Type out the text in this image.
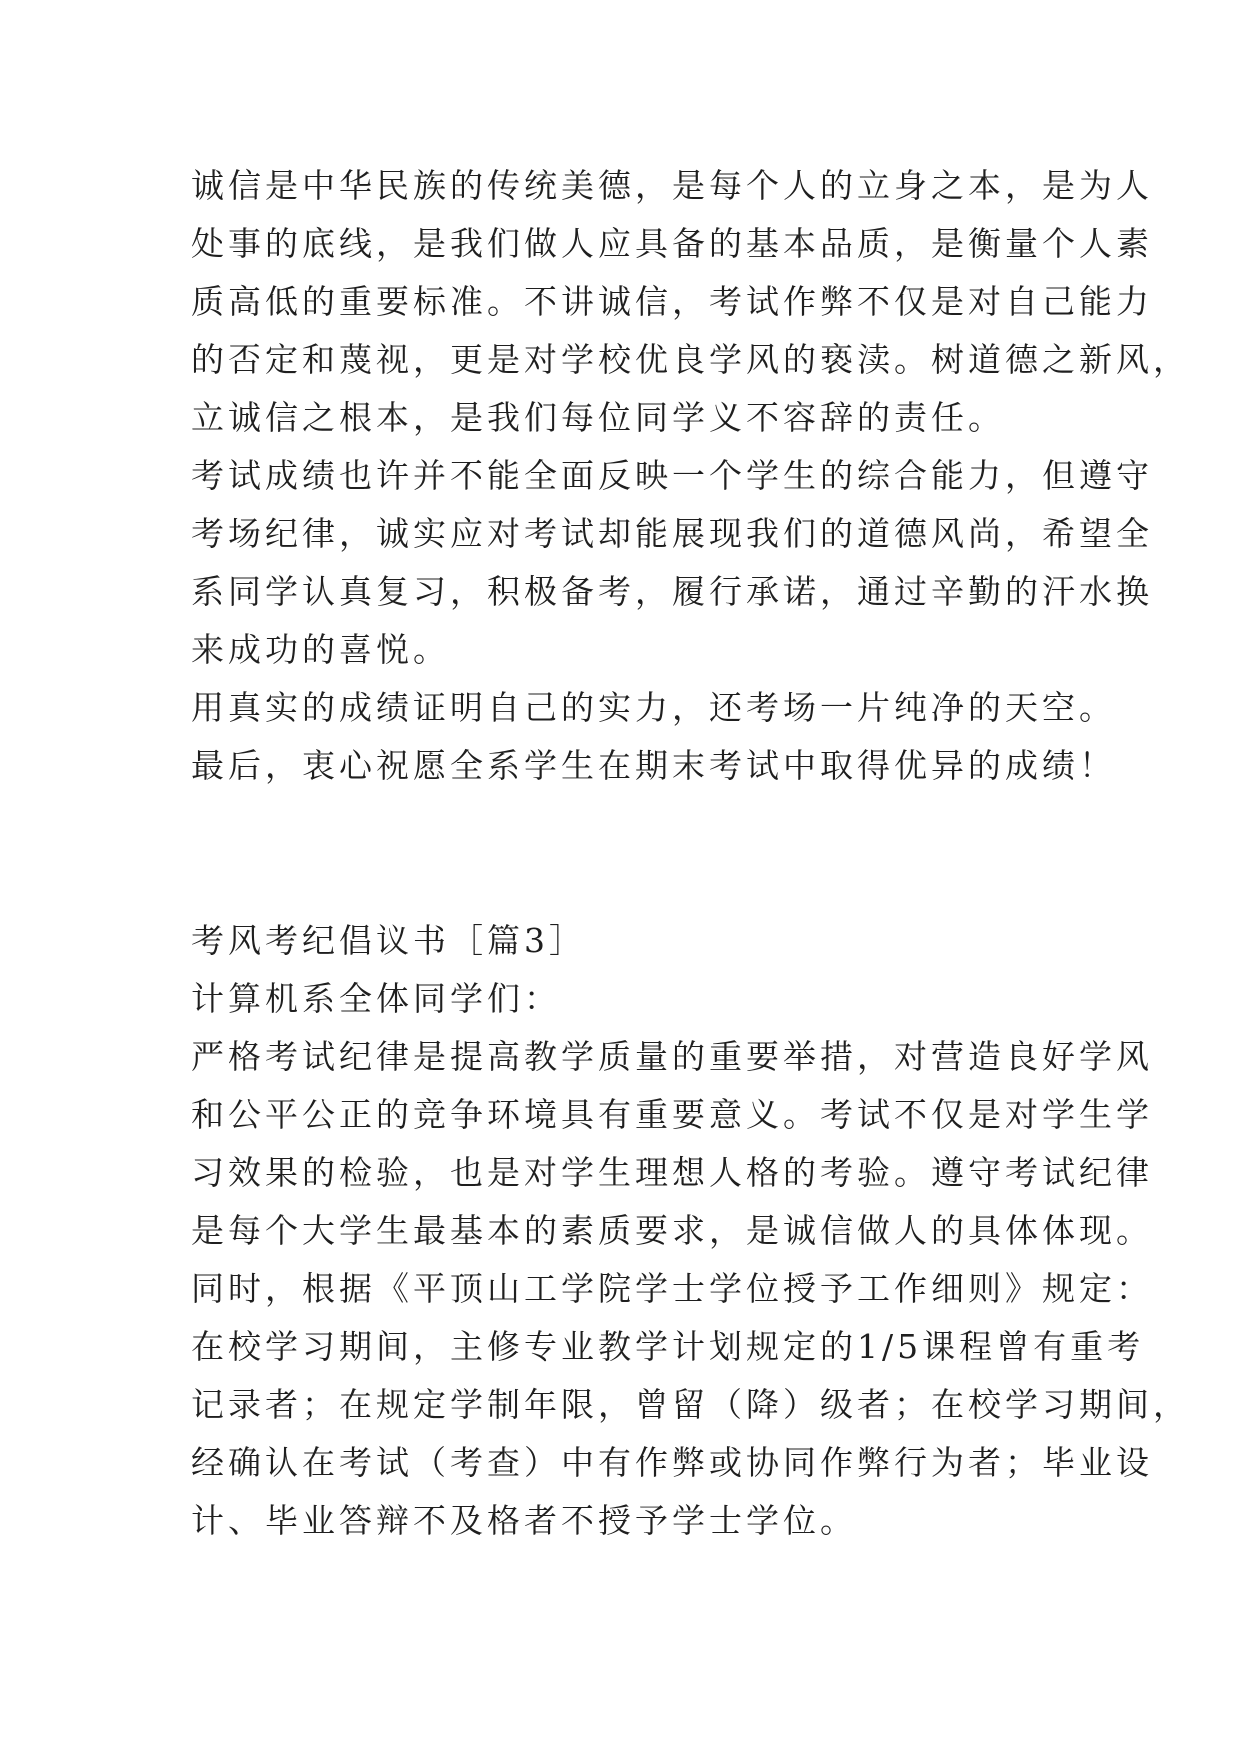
诚信是中华民族的传统美德，是每个人的立身之本，是为人

处事的底线，是我们做人应具备的基本品质，是衡量个人素

质高低的重要标准。不讲诚信，考试作弊不仅是对自己能力

的否定和蔑视，更是对学校优良学风的亵渎。树道德之新风，

立诚信之根本，是我们每位同学义不容辞的责任。

考试成绩也许并不能全面反映一个学生的综合能力，但遵守

考场纪律，诚实应对考试却能展现我们的道德风尚，希望全

系同学认真复习，积极备考，履行承诺，通过辛勤的汗水换

来成功的喜悦。

用真实的成绩证明自己的实力，还考场一片纯净的天空。

最后，衷心祝愿全系学生在期末考试中取得优异的成绩！

考风考纪倡议书［篇3］

计算机系全体同学们：

严格考试纪律是提高教学质量的重要举措，对营造良好学风

和公平公正的竞争环境具有重要意义。考试不仅是对学生学

习效果的检验，也是对学生理想人格的考验。遵守考试纪律

是每个大学生最基本的素质要求，是诚信做人的具体体现。

同时，根据《平顶山工学院学士学位授予工作细则》规定：

在校学习期间，主修专业教学计划规定的1/5课程曾有重考

记录者；在规定学制年限，曾留（降）级者；在校学习期间，

经确认在考试（考查）中有作弊或协同作弊行为者；毕业设

计、毕业答辩不及格者不授予学士学位。
